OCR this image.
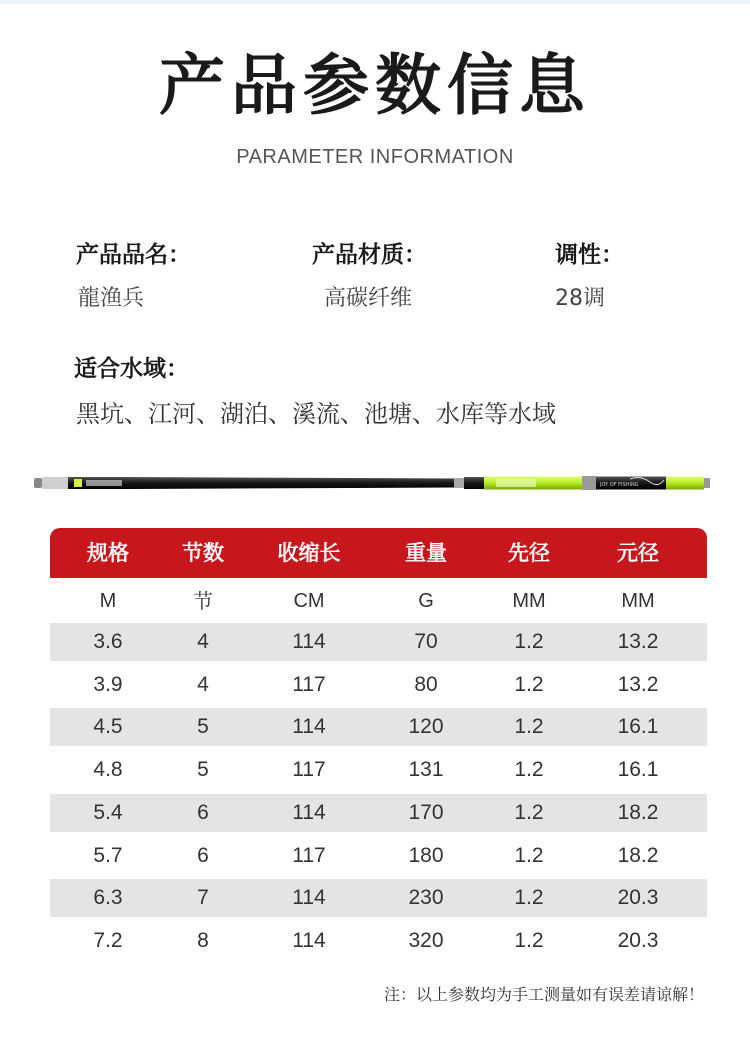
产品参数信息
PARAMETER INFORMATION
产品品名：
龍渔兵
产品材质：
高碳纤维
调性：
28调
适合水域：
黑坑、江河、湖泊、溪流、池塘、水库等水域
JOY OF FISHING
规格	节数	收缩长	重量	先径	元径
M	节	CM	G	MM	MM
3.6	4	114	70	1.2	13.2
3.9	4	117	80	1.2	13.2
4.5	5	114	120	1.2	16.1
4.8	5	117	131	1.2	16.1
5.4	6	114	170	1.2	18.2
5.7	6	117	180	1.2	18.2
6.3	7	114	230	1.2	20.3
7.2	8	114	320	1.2	20.3
注：以上参数均为手工测量如有误差请谅解！
